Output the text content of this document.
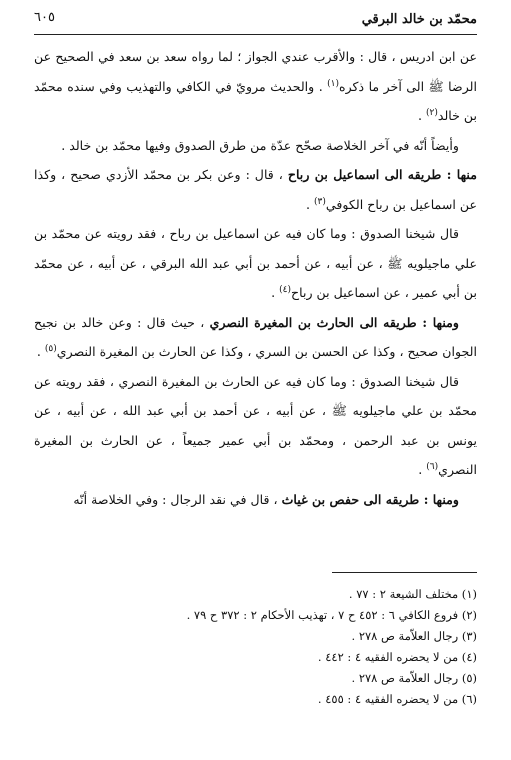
محمّد بن خالد البرقي
٦٠٥

عن ابن ادريس ، قال : والأقرب عندي الجواز ؛ لما رواه سعد بن سعد في الصحيح عن الرضا ﷺ الى آخر ما ذكره$^{(١)}$ . والحديث مرويّ في الكافي والتهذيب وفي سنده محمّد بن خالد$^{(٢)}$ .

وأيضاً أنّه في آخر الخلاصة صحّح عدّة من طرق الصدوق وفيها محمّد بن خالد .

منها : طريقه الى اسماعيل بن رباح ، قال : وعن بكر بن محمّد الأزدي صحيح ، وكذا عن اسماعيل بن رباح الكوفي$^{(٣)}$ .

قال شيخنا الصدوق : وما كان فيه عن اسماعيل بن رباح ، فقد رويته عن محمّد بن علي ماجيلويه ﷺ ، عن أبيه ، عن أحمد بن أبي عبد الله البرقي ، عن أبيه ، عن محمّد بن أبي عمير ، عن اسماعيل بن رباح$^{(٤)}$ .

ومنها : طريقه الى الحارث بن المغيرة النصري ، حيث قال : وعن خالد بن نجيح الجوان صحيح ، وكذا عن الحسن بن السري ، وكذا عن الحارث بن المغيرة النصري$^{(٥)}$ .

قال شيخنا الصدوق : وما كان فيه عن الحارث بن المغيرة النصري ، فقد رويته عن محمّد بن علي ماجيلويه ﷺ ، عن أبيه ، عن أحمد بن أبي عبد الله ، عن أبيه ، عن يونس بن عبد الرحمن ، ومحمّد بن أبي عمير جميعاً ، عن الحارث بن المغيرة النصري$^{(٦)}$ .

ومنها : طريقه الى حفص بن غياث ، قال في نقد الرجال : وفي الخلاصة أنّه

(١) مختلف الشيعة ٢ : ٧٧ .
(٢) فروع الكافي ٦ : ٤٥٢ ح ٧ ، تهذيب الأحكام ٢ : ٣٧٢ ح ٧٩ .
(٣) رجال العلاّمة ص ٢٧٨ .
(٤) من لا يحضره الفقيه ٤ : ٤٤٢ .
(٥) رجال العلاّمة ص ٢٧٨ .
(٦) من لا يحضره الفقيه ٤ : ٤٥٥ .
